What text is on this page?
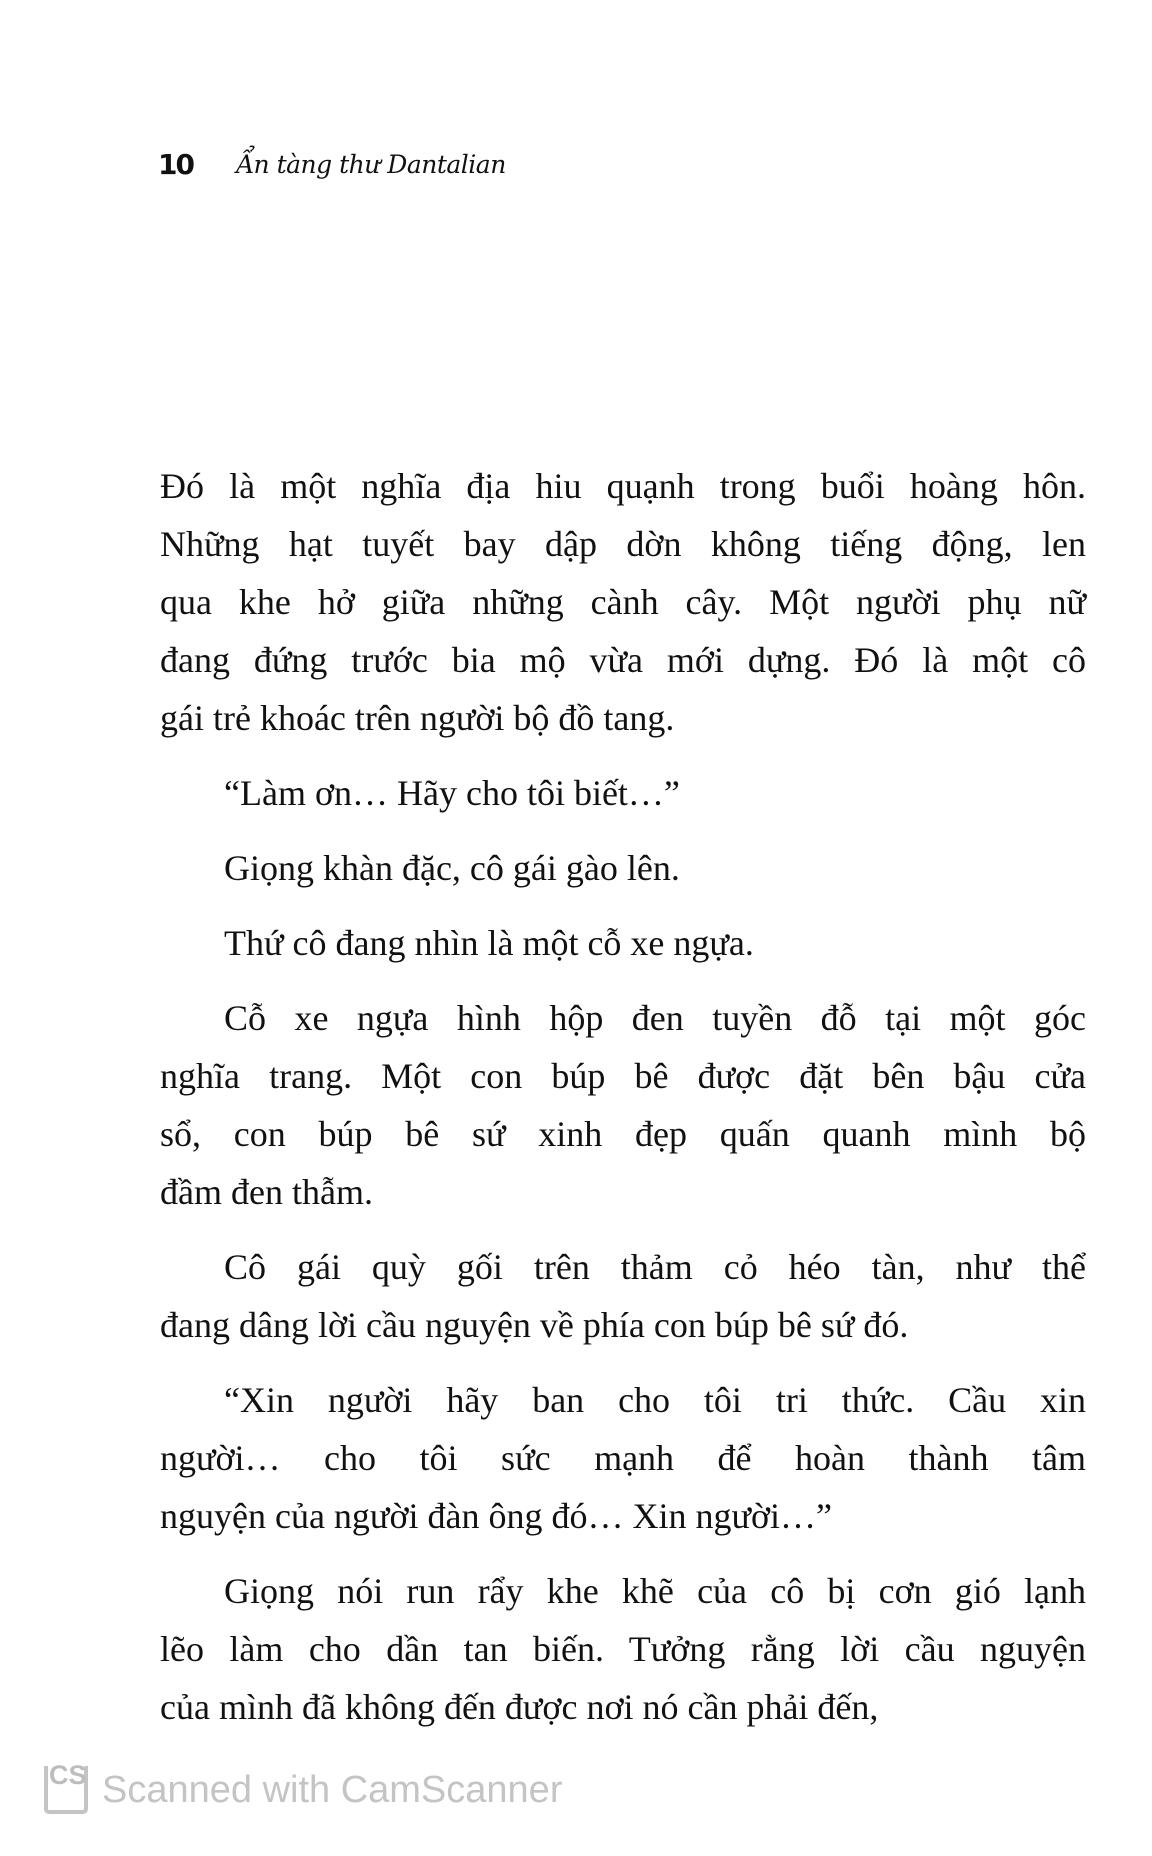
10	Ẩn tàng thư Dantalian
Đó là một nghĩa địa hiu quạnh trong buổi hoàng hôn.
Những hạt tuyết bay dập dờn không tiếng động, len
qua khe hở giữa những cành cây. Một người phụ nữ
đang đứng trước bia mộ vừa mới dựng. Đó là một cô
gái trẻ khoác trên người bộ đồ tang.
“Làm ơn… Hãy cho tôi biết…”
Giọng khàn đặc, cô gái gào lên.
Thứ cô đang nhìn là một cỗ xe ngựa.
Cỗ xe ngựa hình hộp đen tuyền đỗ tại một góc
nghĩa trang. Một con búp bê được đặt bên bậu cửa
sổ, con búp bê sứ xinh đẹp quấn quanh mình bộ
đầm đen thẫm.
Cô gái quỳ gối trên thảm cỏ héo tàn, như thể
đang dâng lời cầu nguyện về phía con búp bê sứ đó.
“Xin người hãy ban cho tôi tri thức. Cầu xin
người… cho tôi sức mạnh để hoàn thành tâm
nguyện của người đàn ông đó… Xin người…”
Giọng nói run rẩy khe khẽ của cô bị cơn gió lạnh
lẽo làm cho dần tan biến. Tưởng rằng lời cầu nguyện
của mình đã không đến được nơi nó cần phải đến,
CS Scanned with CamScanner
